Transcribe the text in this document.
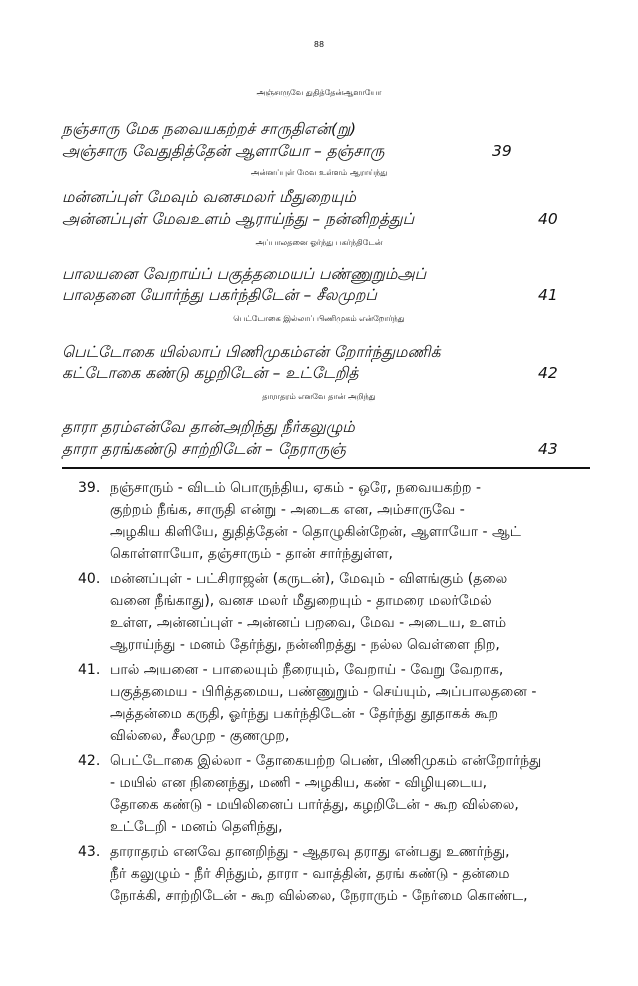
88
அஞ்சாருவே துதித்தேன்ஆளாயோ
நஞ்சாரு மேக நவையகற்றச் சாருதிஎன்(று)
அஞ்சாரு வேதுதித்தேன் ஆளாயோ – தஞ்சாரு	39
அன்னப்புள் மேவ உள்ளம் ஆராய்ந்து
மன்னப்புள் மேவும் வனசமலர் மீதுறையும்
அன்னப்புள் மேவஉளம் ஆராய்ந்து – நன்னிறத்துப்	40
அப்பாலதனை ஓர்ந்து பகர்ந்திடேன்
பாலயனை வேறாய்ப் பகுத்தமையப் பண்ணுறும்அப்
பாலதனை யோர்ந்து பகர்ந்திடேன் – சீலமுறப்	41
பெட்டோகை இல்லாப் பிணிமுகம் என்றோர்ந்து
பெட்டோகை யில்லாப் பிணிமுகம்என் றோர்ந்துமணிக்
கட்டோகை கண்டு கழறிடேன் – உட்டேறித்	42
தாராதரம் எனவே தான் அறிந்து
தாரா தரம்என்வே தான்அறிந்து நீர்கலுழும்
தாரா தரங்கண்டு சாற்றிடேன் – நேராருஞ்	43
39. நஞ்சாரும் - விடம் பொருந்திய, ஏகம் - ஒரே, நவையகற்ற -
குற்றம் நீங்க, சாருதி என்று - அடைக என, அம்சாருவே -
அழகிய கிளியே, துதித்தேன் - தொழுகின்றேன், ஆளாயோ - ஆட்
கொள்ளாயோ, தஞ்சாரும் - தான் சார்ந்துள்ள,
40. மன்னப்புள் - பட்சிராஜன் (கருடன்), மேவும் - விளங்கும் (தலை
வனை நீங்காது), வனச மலர் மீதுறையும் - தாமரை மலர்மேல்
உள்ள, அன்னப்புள் - அன்னப் பறவை, மேவ - அடைய, உளம்
ஆராய்ந்து - மனம் தேர்ந்து, நன்னிறத்து - நல்ல வெள்ளை நிற,
41. பால் அயனை - பாலையும் நீரையும், வேறாய் - வேறு வேறாக,
பகுத்தமைய - பிரித்தமைய, பண்ணுறும் - செய்யும், அப்பாலதனை -
அத்தன்மை கருதி, ஓர்ந்து பகர்ந்திடேன் - தேர்ந்து தூதாகக் கூற
வில்லை, சீலமுற - குணமுற,
42. பெட்டோகை இல்லா - தோகையற்ற பெண், பிணிமுகம் என்றோர்ந்து
- மயில் என நினைந்து, மணி - அழகிய, கண் - விழியுடைய,
தோகை கண்டு - மயிலினைப் பார்த்து, கழறிடேன் - கூற வில்லை,
உட்டேறி - மனம் தெளிந்து,
43. தாராதரம் எனவே தானறிந்து - ஆதரவு தராது என்பது உணர்ந்து,
நீர் கலுழும் - நீர் சிந்தும், தாரா - வாத்தின், தரங் கண்டு - தன்மை
நோக்கி, சாற்றிடேன் - கூற வில்லை, நேராரும் - நேர்மை கொண்ட,
